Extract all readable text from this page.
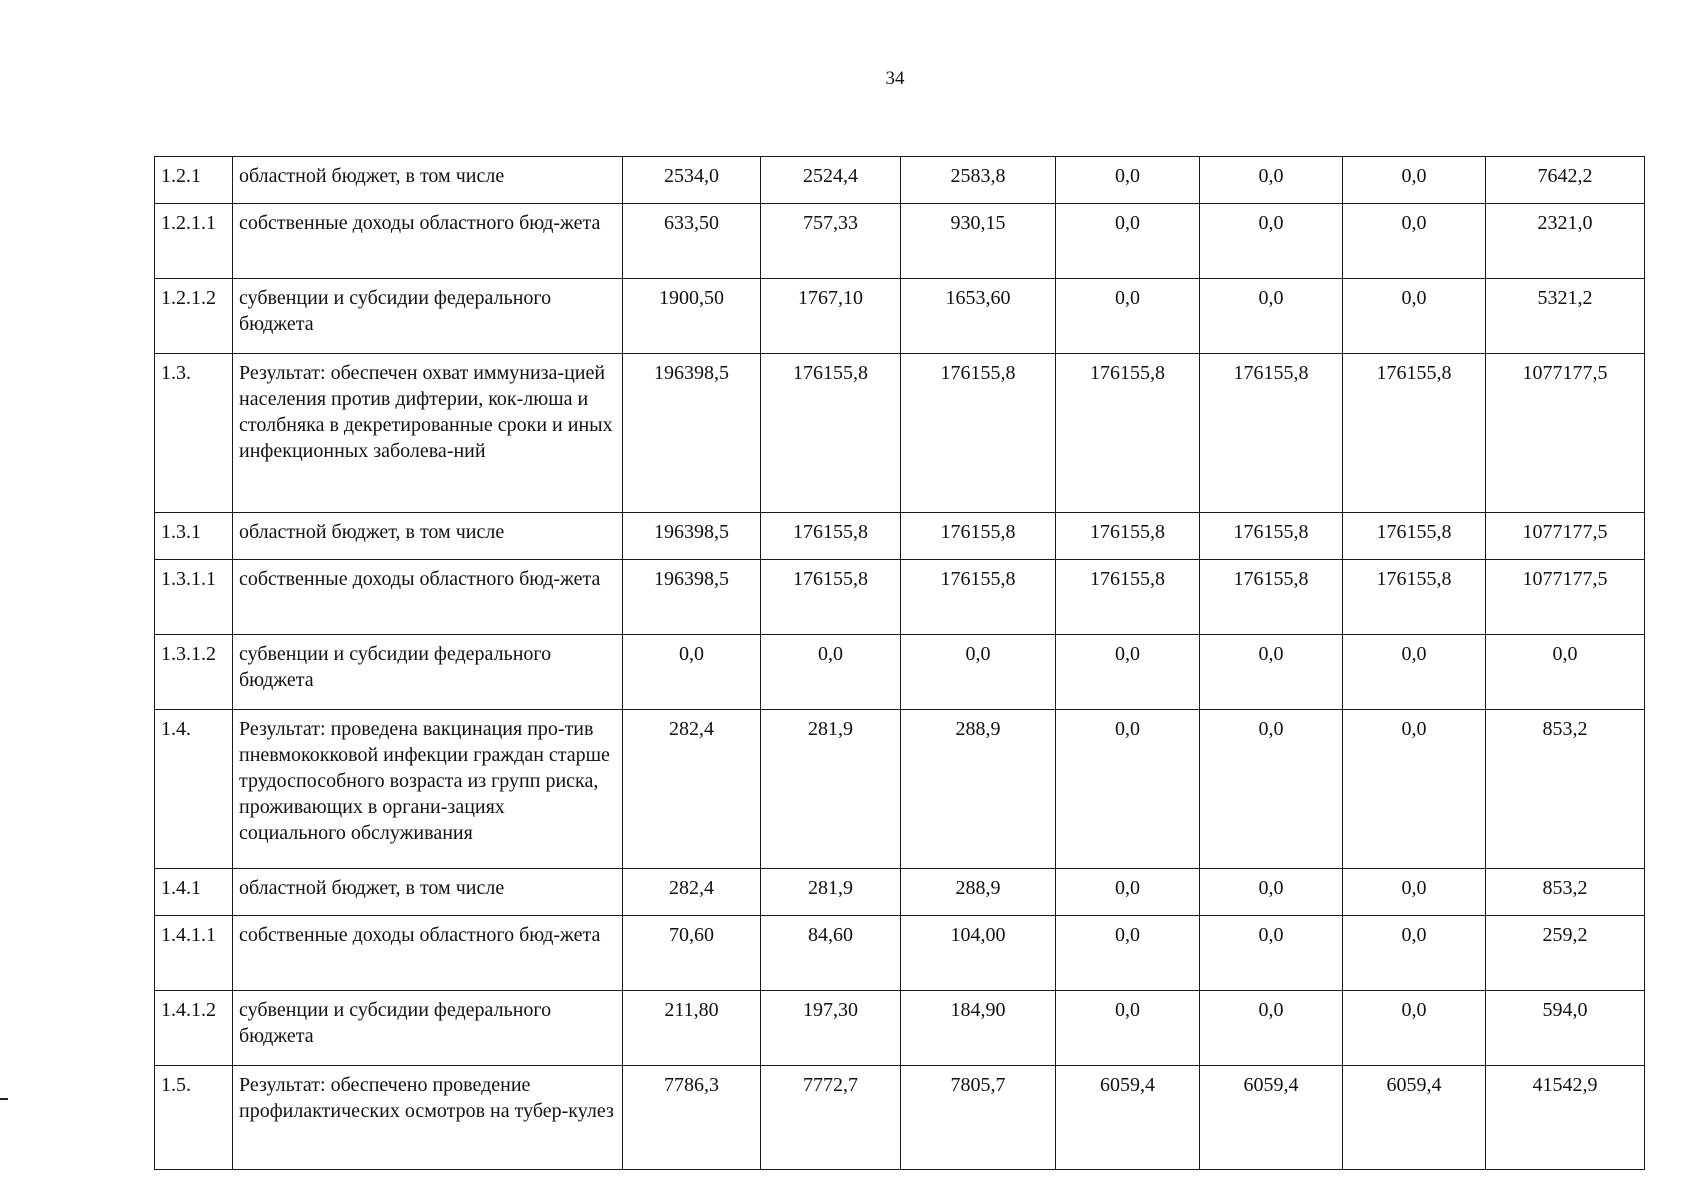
34
1.2.1	областной бюджет, в том числе	2534,0	2524,4	2583,8	0,0	0,0	0,0	7642,2
1.2.1.1	собственные доходы областного бюд-жета	633,50	757,33	930,15	0,0	0,0	0,0	2321,0
1.2.1.2	субвенции и субсидии федерального бюджета	1900,50	1767,10	1653,60	0,0	0,0	0,0	5321,2
1.3.	Результат: обеспечен охват иммуниза-цией населения против дифтерии, кок-люша и столбняка в декретированные сроки и иных инфекционных заболева-ний	196398,5	176155,8	176155,8	176155,8	176155,8	176155,8	1077177,5
1.3.1	областной бюджет, в том числе	196398,5	176155,8	176155,8	176155,8	176155,8	176155,8	1077177,5
1.3.1.1	собственные доходы областного бюд-жета	196398,5	176155,8	176155,8	176155,8	176155,8	176155,8	1077177,5
1.3.1.2	субвенции и субсидии федерального бюджета	0,0	0,0	0,0	0,0	0,0	0,0	0,0
1.4.	Результат: проведена вакцинация про-тив пневмококковой инфекции граждан старше трудоспособного возраста из групп риска, проживающих в органи-зациях социального обслуживания	282,4	281,9	288,9	0,0	0,0	0,0	853,2
1.4.1	областной бюджет, в том числе	282,4	281,9	288,9	0,0	0,0	0,0	853,2
1.4.1.1	собственные доходы областного бюд-жета	70,60	84,60	104,00	0,0	0,0	0,0	259,2
1.4.1.2	субвенции и субсидии федерального бюджета	211,80	197,30	184,90	0,0	0,0	0,0	594,0
1.5.	Результат: обеспечено проведение профилактических осмотров на тубер-кулез	7786,3	7772,7	7805,7	6059,4	6059,4	6059,4	41542,9
